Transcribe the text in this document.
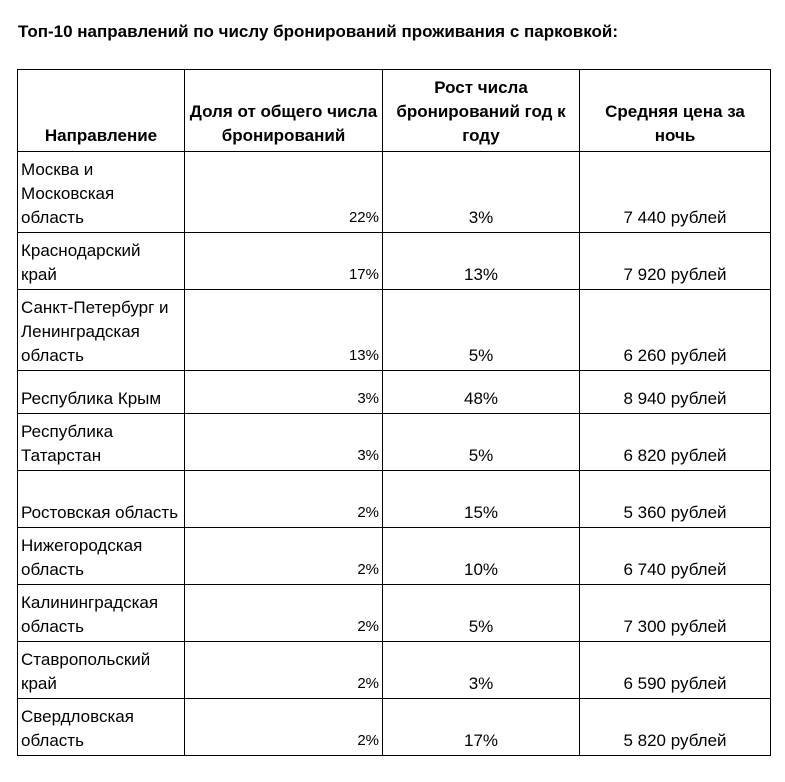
Топ-10 направлений по числу бронирований проживания с парковкой:
Направление	Доля от общего числа бронирований	Рост числа бронирований год к году	Средняя цена за ночь
Москва и Московская область	22%	3%	7 440 рублей
Краснодарский край	17%	13%	7 920 рублей
Санкт-Петербург и Ленинградская область	13%	5%	6 260 рублей
Республика Крым	3%	48%	8 940 рублей
Республика Татарстан	3%	5%	6 820 рублей
Ростовская область	2%	15%	5 360 рублей
Нижегородская область	2%	10%	6 740 рублей
Калининградская область	2%	5%	7 300 рублей
Ставропольский край	2%	3%	6 590 рублей
Свердловская область	2%	17%	5 820 рублей
